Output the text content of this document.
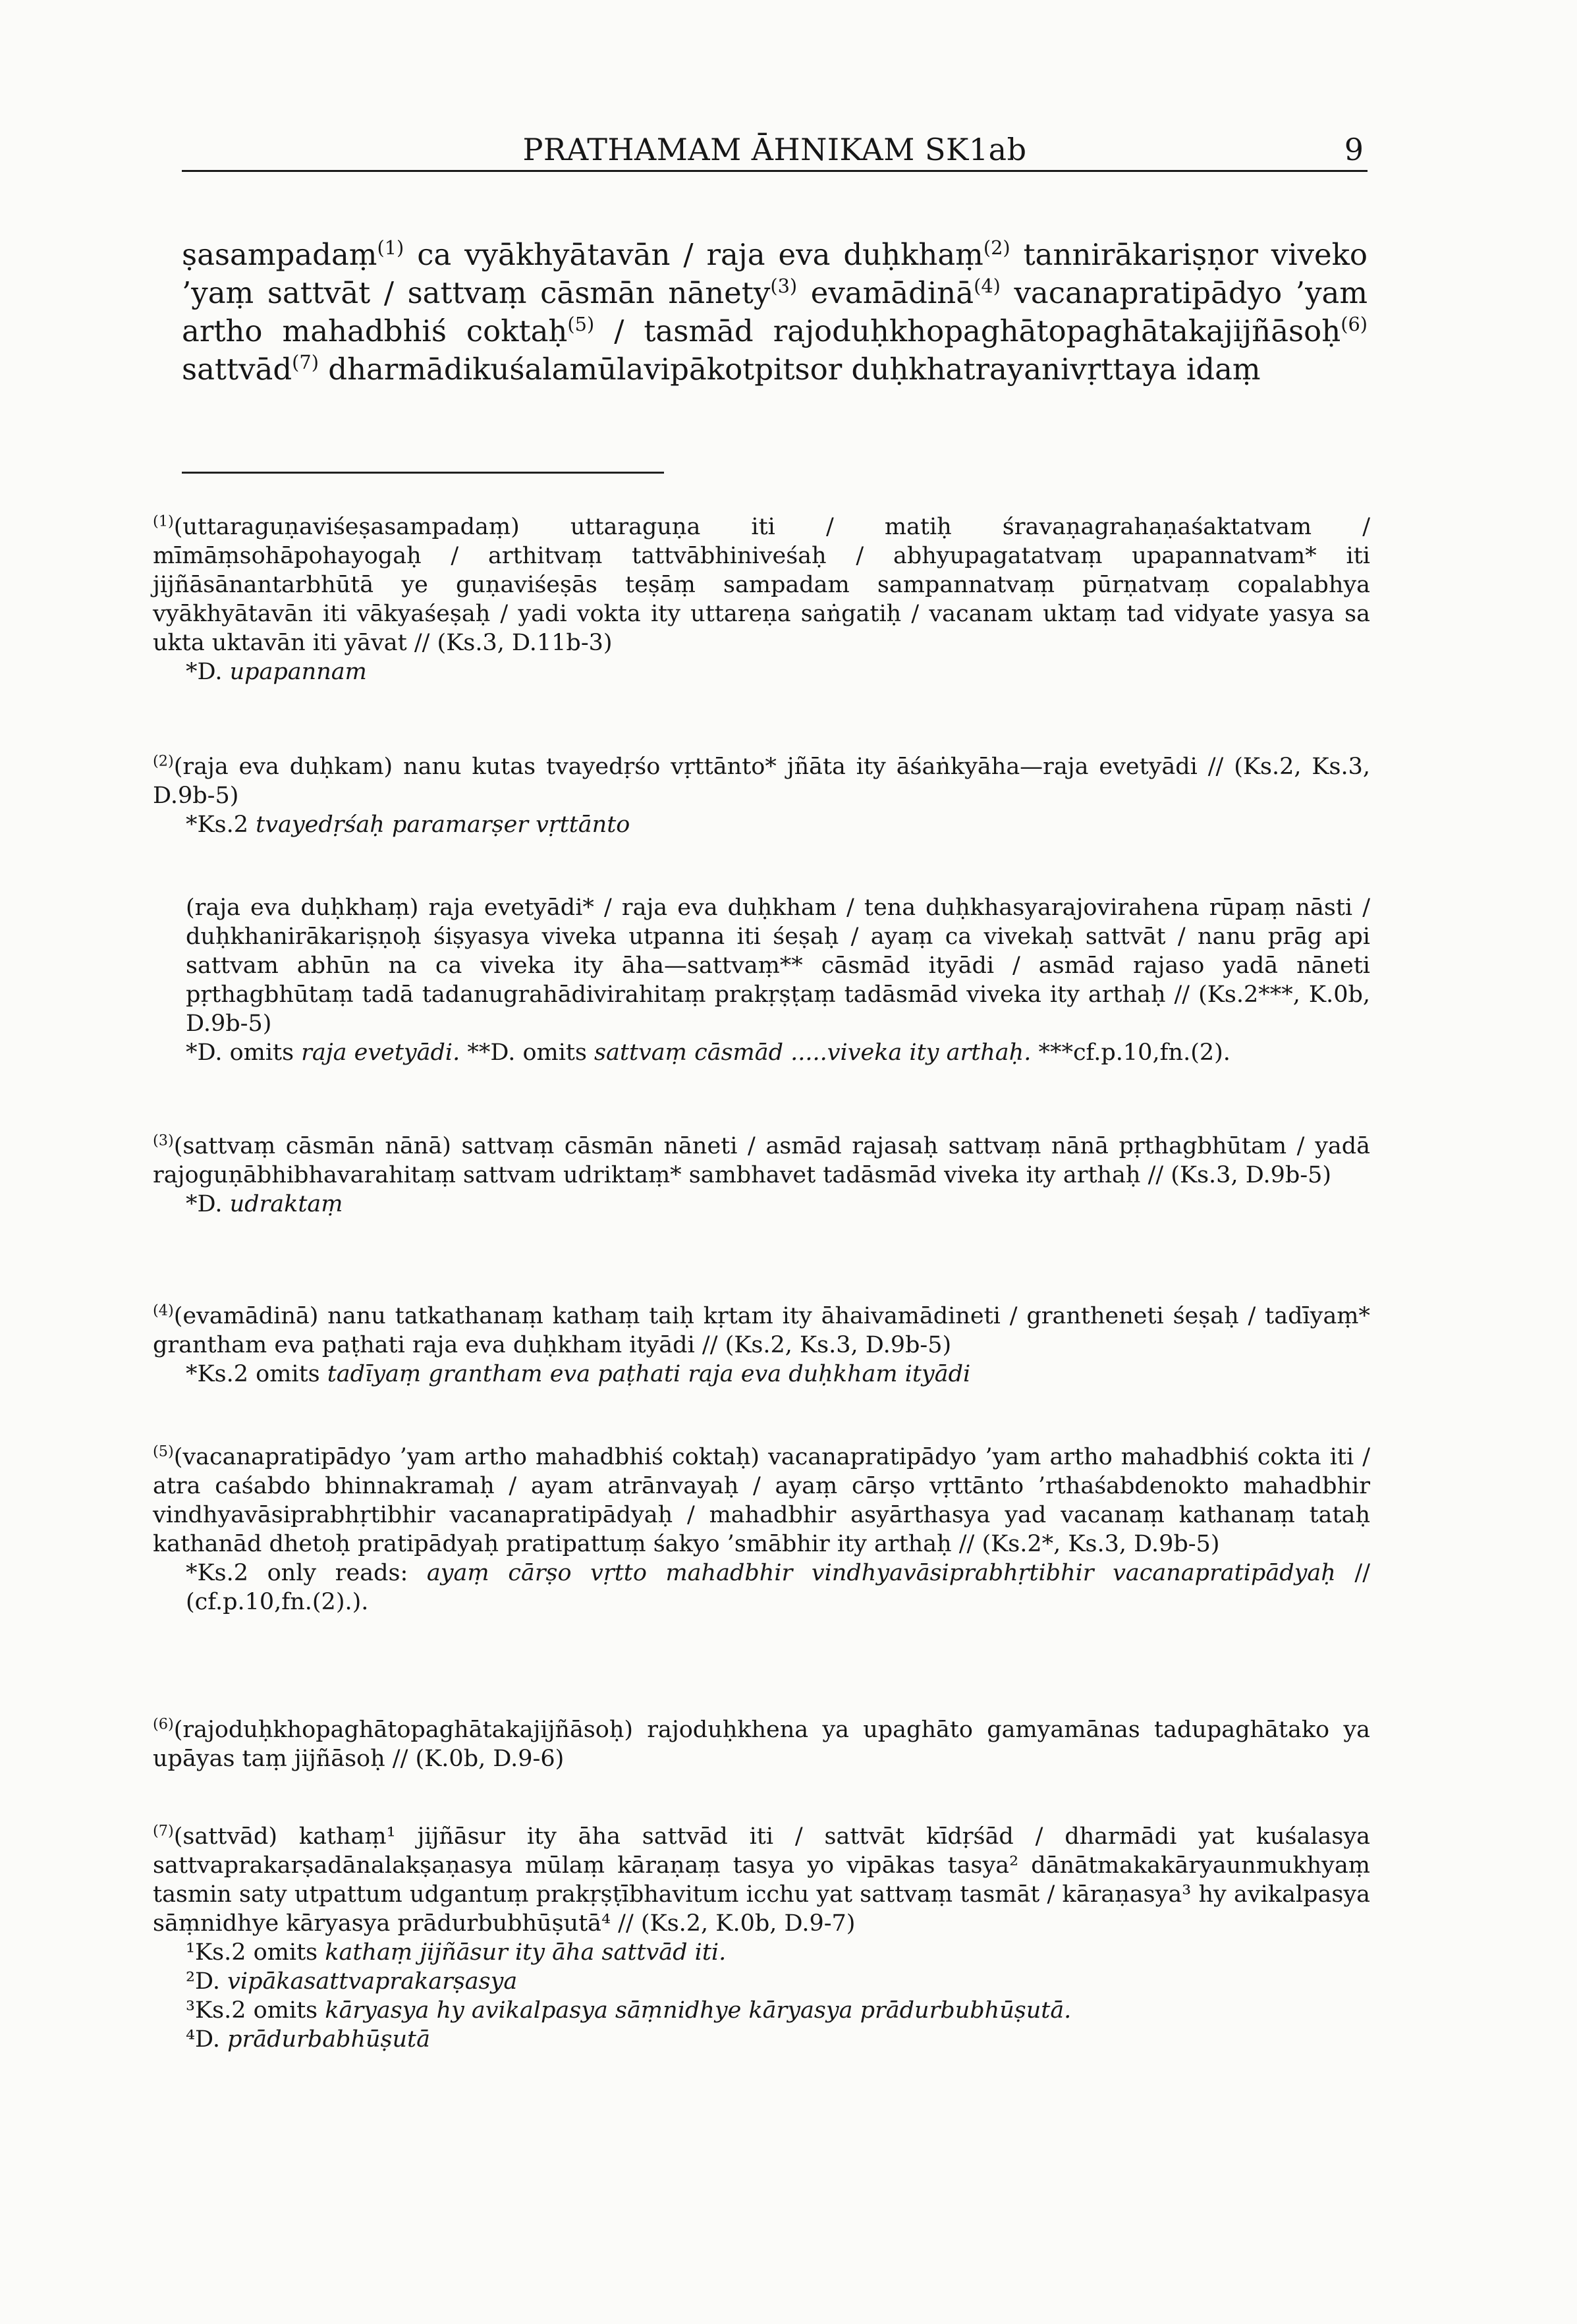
PRATHAMAM ĀHNIKAM SK1ab	9

ṣasampadaṃ$^{(1)}$ ca vyākhyātavān / raja eva duḥkhaṃ$^{(2)}$ tannirākariṣṇor viveko ’yaṃ sattvāt / sattvaṃ cāsmān nānety$^{(3)}$ evamādinā$^{(4)}$ vacanapratipādyo ’yam artho mahadbhiś coktaḥ$^{(5)}$ / tasmād rajoduḥkhopaghātopaghātakajijñāsoḥ$^{(6)}$ sattvād$^{(7)}$ dharmādikuśalamūlavipākotpitsor duḥkhatrayanivṛttaya idaṃ

$^{(1)}$(uttaraguṇaviśeṣasampadaṃ) uttaraguṇa iti / matiḥ śravaṇagrahaṇaśaktatvam / mīmāṃsohāpohayogaḥ / arthitvaṃ tattvābhiniveśaḥ / abhyupagatatvaṃ upapannatvam* iti jijñāsānantarbhūtā ye guṇaviśeṣās teṣāṃ sampadam sampannatvaṃ pūrṇatvaṃ copalabhya vyākhyātavān iti vākyaśeṣaḥ / yadi vokta ity uttareṇa saṅgatiḥ / vacanam uktaṃ tad vidyate yasya sa ukta uktavān iti yāvat // (Ks.3, D.11b-3)

*D. upapannam

$^{(2)}$(raja eva duḥkam) nanu kutas tvayedṛśo vṛttānto* jñāta ity āśaṅkyāha—raja evetyādi // (Ks.2, Ks.3, D.9b-5)

*Ks.2 tvayedṛśaḥ paramarṣer vṛttānto

(raja eva duḥkhaṃ) raja evetyādi* / raja eva duḥkham / tena duḥkhasyarajovirahena rūpaṃ nāsti / duḥkhanirākariṣṇoḥ śiṣyasya viveka utpanna iti śeṣaḥ / ayaṃ ca vivekaḥ sattvāt / nanu prāg api sattvam abhūn na ca viveka ity āha—sattvaṃ** cāsmād ityādi / asmād rajaso yadā nāneti pṛthagbhūtaṃ tadā tadanugrahādivirahitaṃ prakṛṣṭaṃ tadāsmād viveka ity arthaḥ // (Ks.2***, K.0b, D.9b-5)

*D. omits raja evetyādi. **D. omits sattvaṃ cāsmād .....viveka ity arthaḥ. ***cf.p.10,fn.(2).

$^{(3)}$(sattvaṃ cāsmān nānā) sattvaṃ cāsmān nāneti / asmād rajasaḥ sattvaṃ nānā pṛthagbhūtam / yadā rajoguṇābhibhavarahitaṃ sattvam udriktaṃ* sambhavet tadāsmād viveka ity arthaḥ // (Ks.3, D.9b-5)

*D. udraktaṃ

$^{(4)}$(evamādinā) nanu tatkathanaṃ kathaṃ taiḥ kṛtam ity āhaivamādineti / grantheneti śeṣaḥ / tadīyaṃ* grantham eva paṭhati raja eva duḥkham ityādi // (Ks.2, Ks.3, D.9b-5)

*Ks.2 omits tadīyaṃ grantham eva paṭhati raja eva duḥkham ityādi

$^{(5)}$(vacanapratipādyo ’yam artho mahadbhiś coktaḥ) vacanapratipādyo ’yam artho mahadbhiś cokta iti / atra caśabdo bhinnakramaḥ / ayam atrānvayaḥ / ayaṃ cārṣo vṛttānto ’rthaśabdenokto mahadbhir vindhyavāsiprabhṛtibhir vacanapratipādyaḥ / mahadbhir asyārthasya yad vacanaṃ kathanaṃ tataḥ kathanād dhetoḥ pratipādyaḥ pratipattuṃ śakyo ’smābhir ity arthaḥ // (Ks.2*, Ks.3, D.9b-5)

*Ks.2 only reads: ayaṃ cārṣo vṛtto mahadbhir vindhyavāsiprabhṛtibhir vacanapratipādyaḥ // (cf.p.10,fn.(2).).

$^{(6)}$(rajoduḥkhopaghātopaghātakajijñāsoḥ) rajoduḥkhena ya upaghāto gamyamānas tadupaghātako ya upāyas taṃ jijñāsoḥ // (K.0b, D.9-6)

$^{(7)}$(sattvād) kathaṃ¹ jijñāsur ity āha sattvād iti / sattvāt kīdṛśād / dharmādi yat kuśalasya sattvaprakarṣadānalakṣaṇasya mūlaṃ kāraṇaṃ tasya yo vipākas tasya² dānātmakakāryaunmukhyaṃ tasmin saty utpattum udgantuṃ prakṛṣṭībhavitum icchu yat sattvaṃ tasmāt / kāraṇasya³ hy avikalpasya sāṃnidhye kāryasya prādurbubhūṣutā⁴ // (Ks.2, K.0b, D.9-7)

¹Ks.2 omits kathaṃ jijñāsur ity āha sattvād iti.

²D. vipākasattvaprakarṣasya

³Ks.2 omits kāryasya hy avikalpasya sāṃnidhye kāryasya prādurbubhūṣutā.

⁴D. prādurbabhūṣutā
